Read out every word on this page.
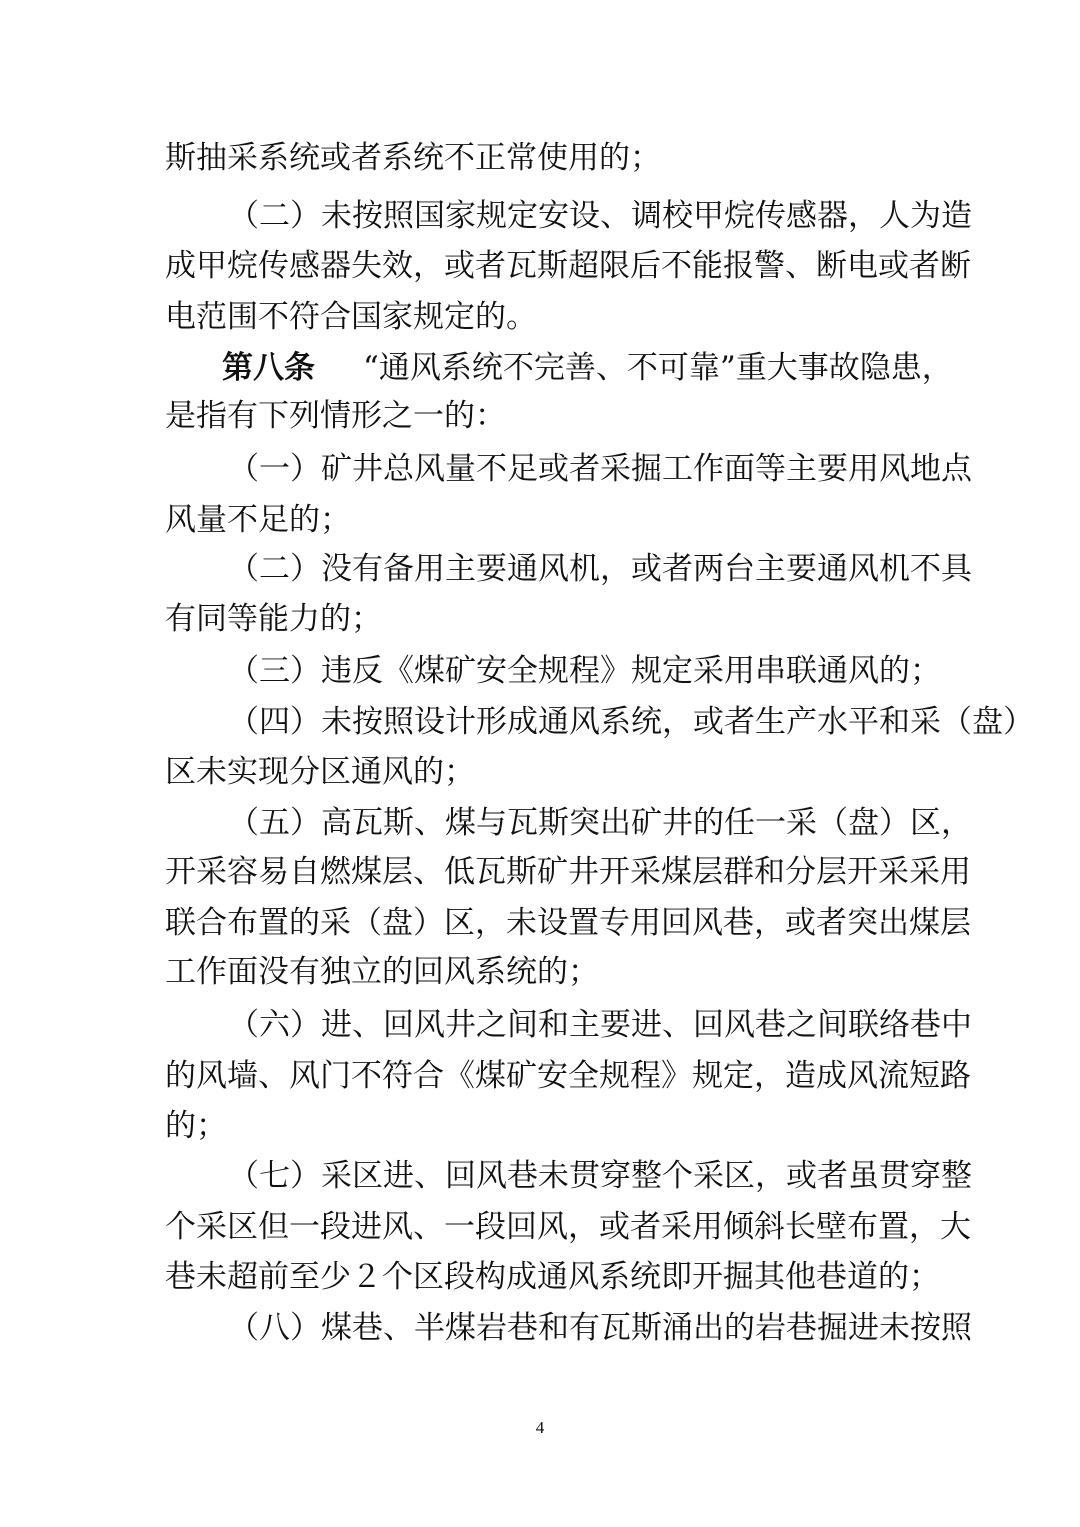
斯抽采系统或者系统不正常使用的；
（二）未按照国家规定安设、调校甲烷传感器，人为造
成甲烷传感器失效，或者瓦斯超限后不能报警、断电或者断
电范围不符合国家规定的。
第八条 “通风系统不完善、不可靠”重大事故隐患，
是指有下列情形之一的：
（一）矿井总风量不足或者采掘工作面等主要用风地点
风量不足的；
（二）没有备用主要通风机，或者两台主要通风机不具
有同等能力的；
（三）违反《煤矿安全规程》规定采用串联通风的；
（四）未按照设计形成通风系统，或者生产水平和采（盘）
区未实现分区通风的；
（五）高瓦斯、煤与瓦斯突出矿井的任一采（盘）区，
开采容易自燃煤层、低瓦斯矿井开采煤层群和分层开采采用
联合布置的采（盘）区，未设置专用回风巷，或者突出煤层
工作面没有独立的回风系统的；
（六）进、回风井之间和主要进、回风巷之间联络巷中
的风墙、风门不符合《煤矿安全规程》规定，造成风流短路
的；
（七）采区进、回风巷未贯穿整个采区，或者虽贯穿整
个采区但一段进风、一段回风，或者采用倾斜长壁布置，大
巷未超前至少２个区段构成通风系统即开掘其他巷道的；
（八）煤巷、半煤岩巷和有瓦斯涌出的岩巷掘进未按照
4
